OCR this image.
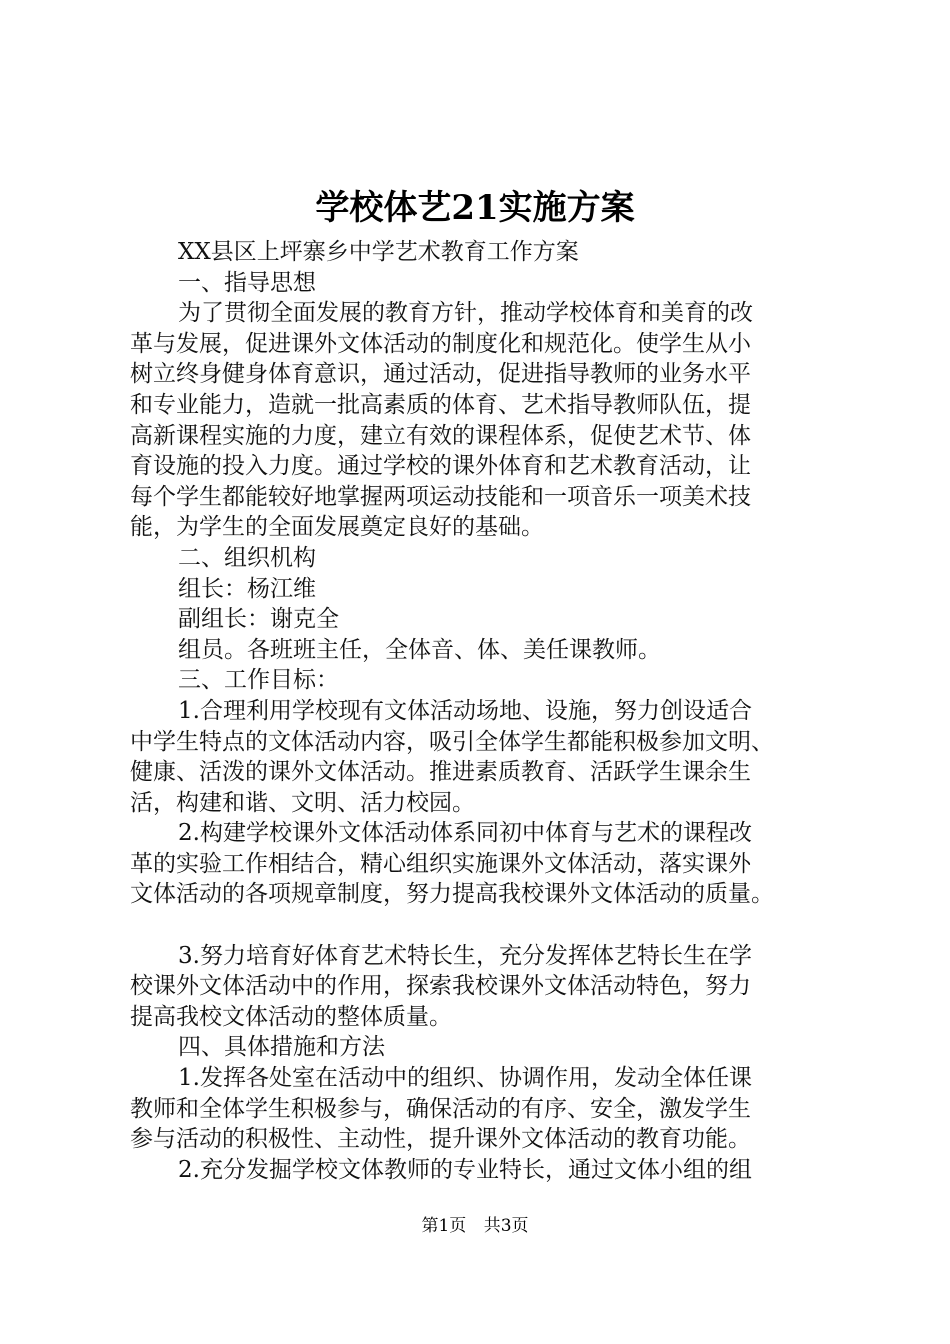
学校体艺21实施方案
XX县区上坪寨乡中学艺术教育工作方案
一、指导思想
为了贯彻全面发展的教育方针，推动学校体育和美育的改
革与发展，促进课外文体活动的制度化和规范化。使学生从小
树立终身健身体育意识，通过活动，促进指导教师的业务水平
和专业能力，造就一批高素质的体育、艺术指导教师队伍，提
高新课程实施的力度，建立有效的课程体系，促使艺术节、体
育设施的投入力度。通过学校的课外体育和艺术教育活动，让
每个学生都能较好地掌握两项运动技能和一项音乐一项美术技
能，为学生的全面发展奠定良好的基础。
二、组织机构
组长：杨江维
副组长：谢克全
组员。各班班主任，全体音、体、美任课教师。
三、工作目标：
1.合理利用学校现有文体活动场地、设施，努力创设适合
中学生特点的文体活动内容，吸引全体学生都能积极参加文明、
健康、活泼的课外文体活动。推进素质教育、活跃学生课余生
活，构建和谐、文明、活力校园。
2.构建学校课外文体活动体系同初中体育与艺术的课程改
革的实验工作相结合，精心组织实施课外文体活动，落实课外
文体活动的各项规章制度，努力提高我校课外文体活动的质量。
3.努力培育好体育艺术特长生，充分发挥体艺特长生在学
校课外文体活动中的作用，探索我校课外文体活动特色，努力
提高我校文体活动的整体质量。
四、具体措施和方法
1.发挥各处室在活动中的组织、协调作用，发动全体任课
教师和全体学生积极参与，确保活动的有序、安全，激发学生
参与活动的积极性、主动性，提升课外文体活动的教育功能。
2.充分发掘学校文体教师的专业特长，通过文体小组的组
第1页 共3页
